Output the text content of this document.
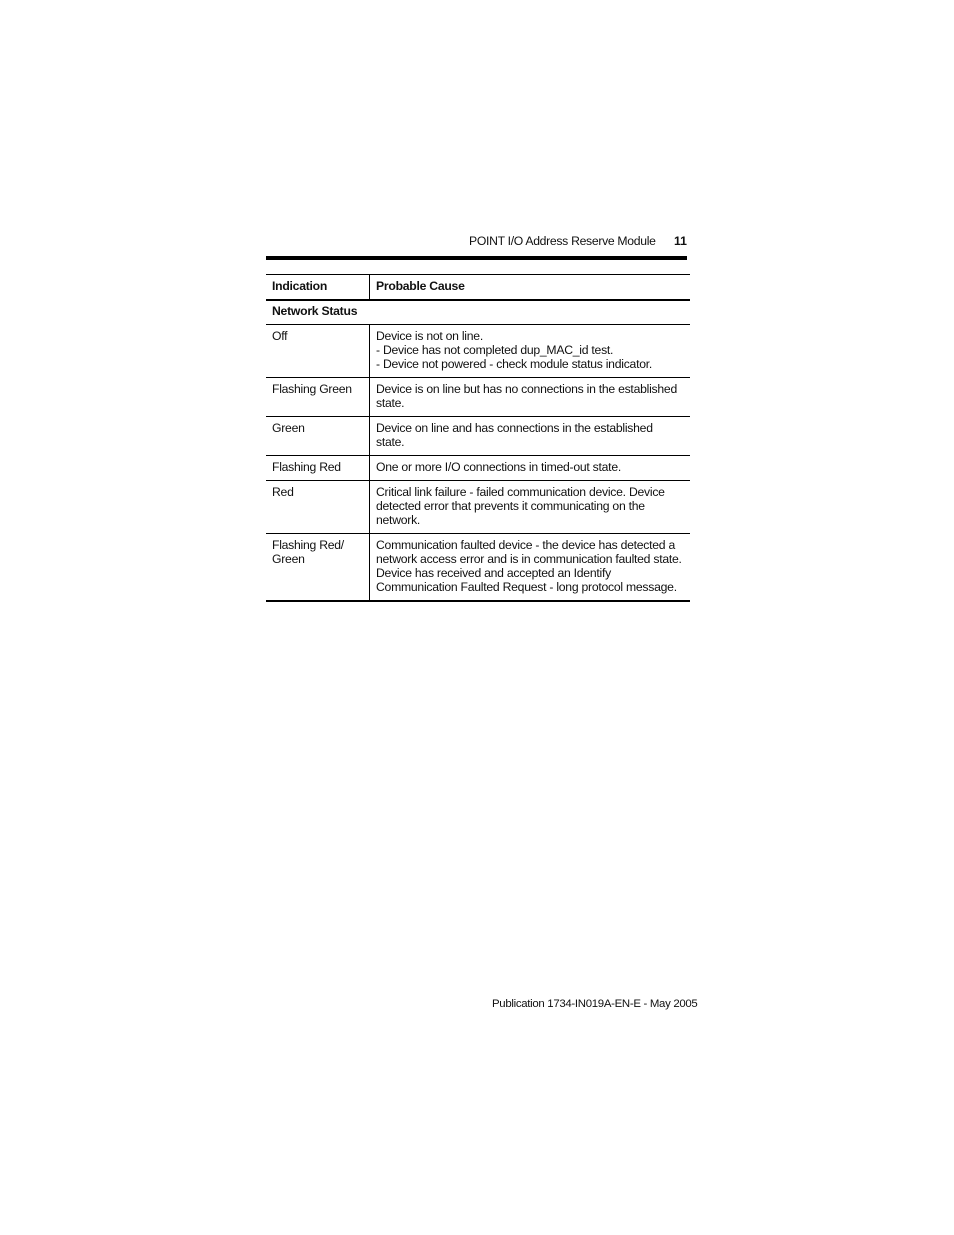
POINT I/O Address Reserve Module 11
Indication	Probable Cause
Network Status	
Off	Device is not on line.
- Device has not completed dup_MAC_id test.
- Device not powered - check module status indicator.

Flashing Green	Device is on line but has no connections in the established state.

Green	Device on line and has connections in the established state.

Flashing Red	One or more I/O connections in timed-out state.

Red	Critical link failure - failed communication device. Device detected error that prevents it communicating on the network.

Flashing Red/ Green	Communication faulted device - the device has detected a network access error and is in communication faulted state. Device has received and accepted an Identify Communication Faulted Request - long protocol message.
Publication 1734-IN019A-EN-E - May 2005
